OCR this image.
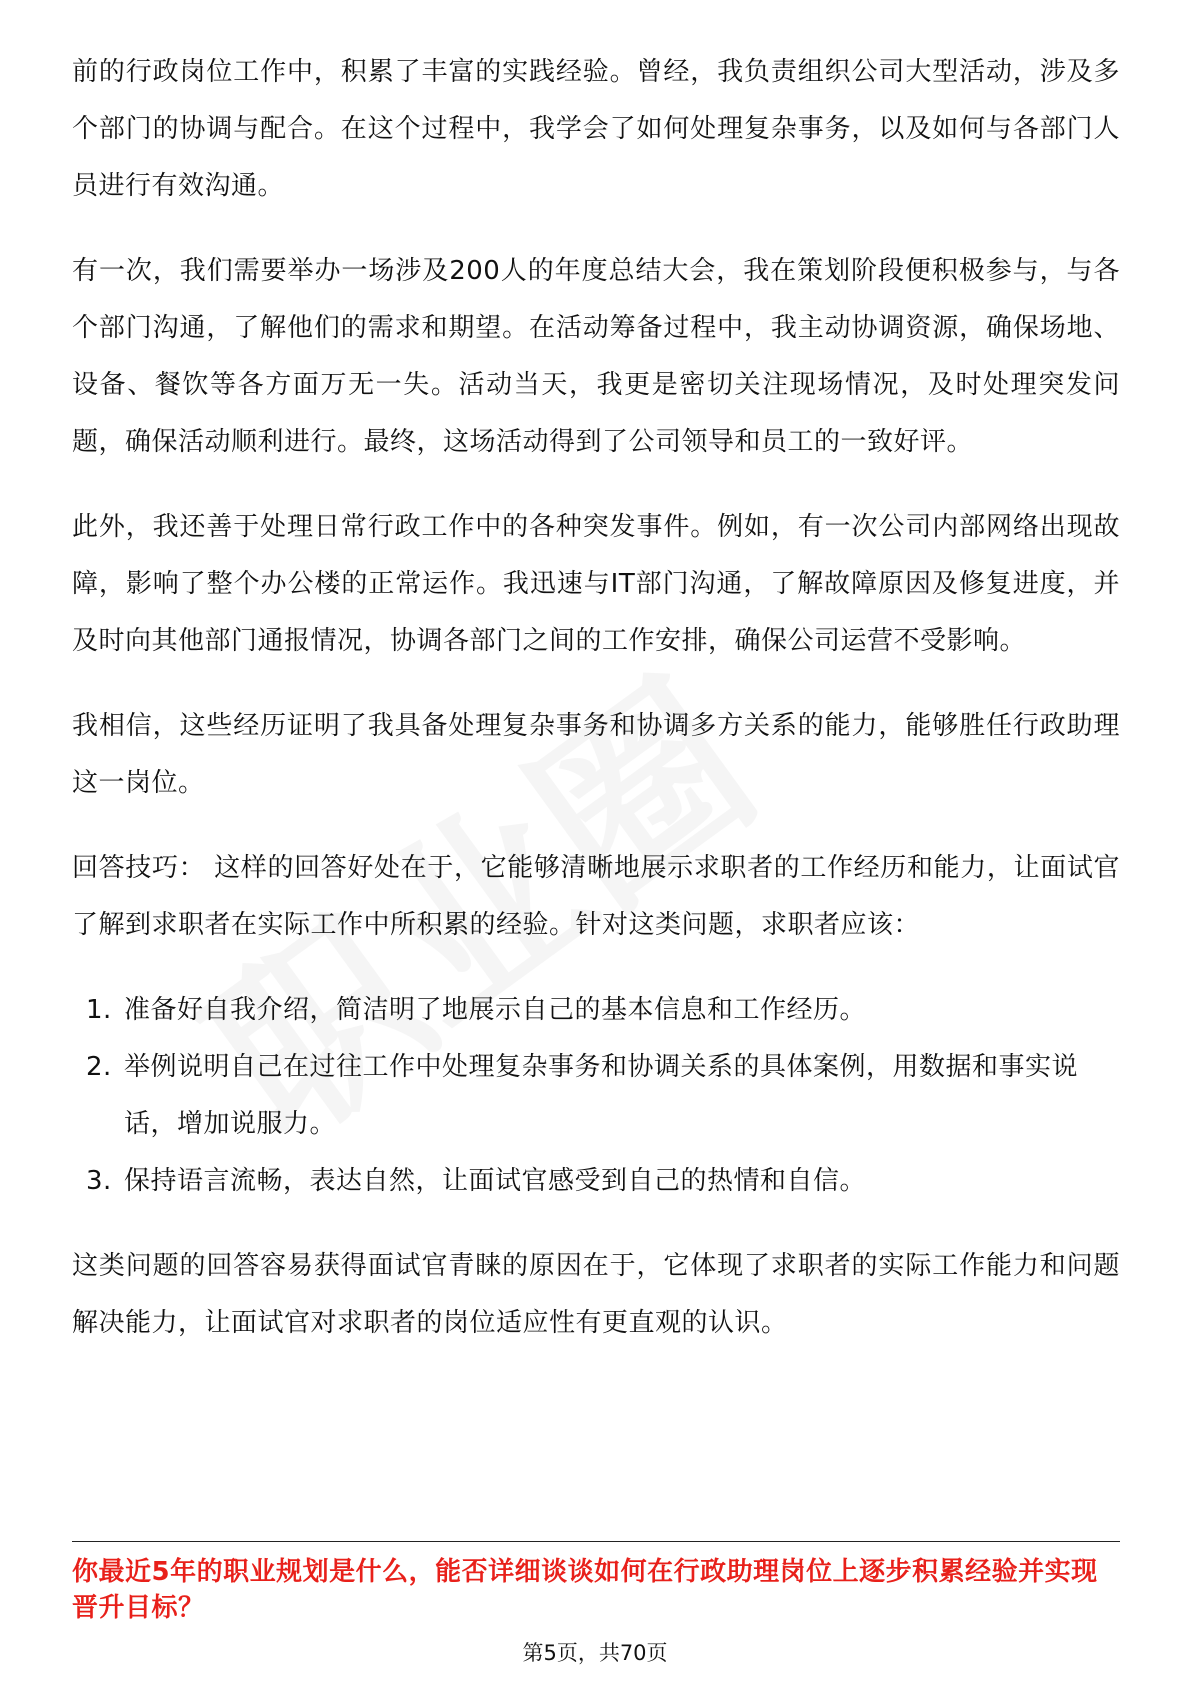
前的行政岗位工作中，积累了丰富的实践经验。曾经，我负责组织公司大型活动，涉及多个部门的协调与配合。在这个过程中，我学会了如何处理复杂事务，以及如何与各部门人员进行有效沟通。

有一次，我们需要举办一场涉及200人的年度总结大会，我在策划阶段便积极参与，与各个部门沟通，了解他们的需求和期望。在活动筹备过程中，我主动协调资源，确保场地、设备、餐饮等各方面万无一失。活动当天，我更是密切关注现场情况，及时处理突发问题，确保活动顺利进行。最终，这场活动得到了公司领导和员工的一致好评。

此外，我还善于处理日常行政工作中的各种突发事件。例如，有一次公司内部网络出现故障，影响了整个办公楼的正常运作。我迅速与IT部门沟通，了解故障原因及修复进度，并及时向其他部门通报情况，协调各部门之间的工作安排，确保公司运营不受影响。

我相信，这些经历证明了我具备处理复杂事务和协调多方关系的能力，能够胜任行政助理这一岗位。

回答技巧： 这样的回答好处在于，它能够清晰地展示求职者的工作经历和能力，让面试官了解到求职者在实际工作中所积累的经验。针对这类问题，求职者应该：

1. 准备好自我介绍，简洁明了地展示自己的基本信息和工作经历。
2. 举例说明自己在过往工作中处理复杂事务和协调关系的具体案例，用数据和事实说话，增加说服力。
3. 保持语言流畅，表达自然，让面试官感受到自己的热情和自信。

这类问题的回答容易获得面试官青睐的原因在于，它体现了求职者的实际工作能力和问题解决能力，让面试官对求职者的岗位适应性有更直观的认识。

你最近5年的职业规划是什么，能否详细谈谈如何在行政助理岗位上逐步积累经验并实现晋升目标？
第5页，共70页
